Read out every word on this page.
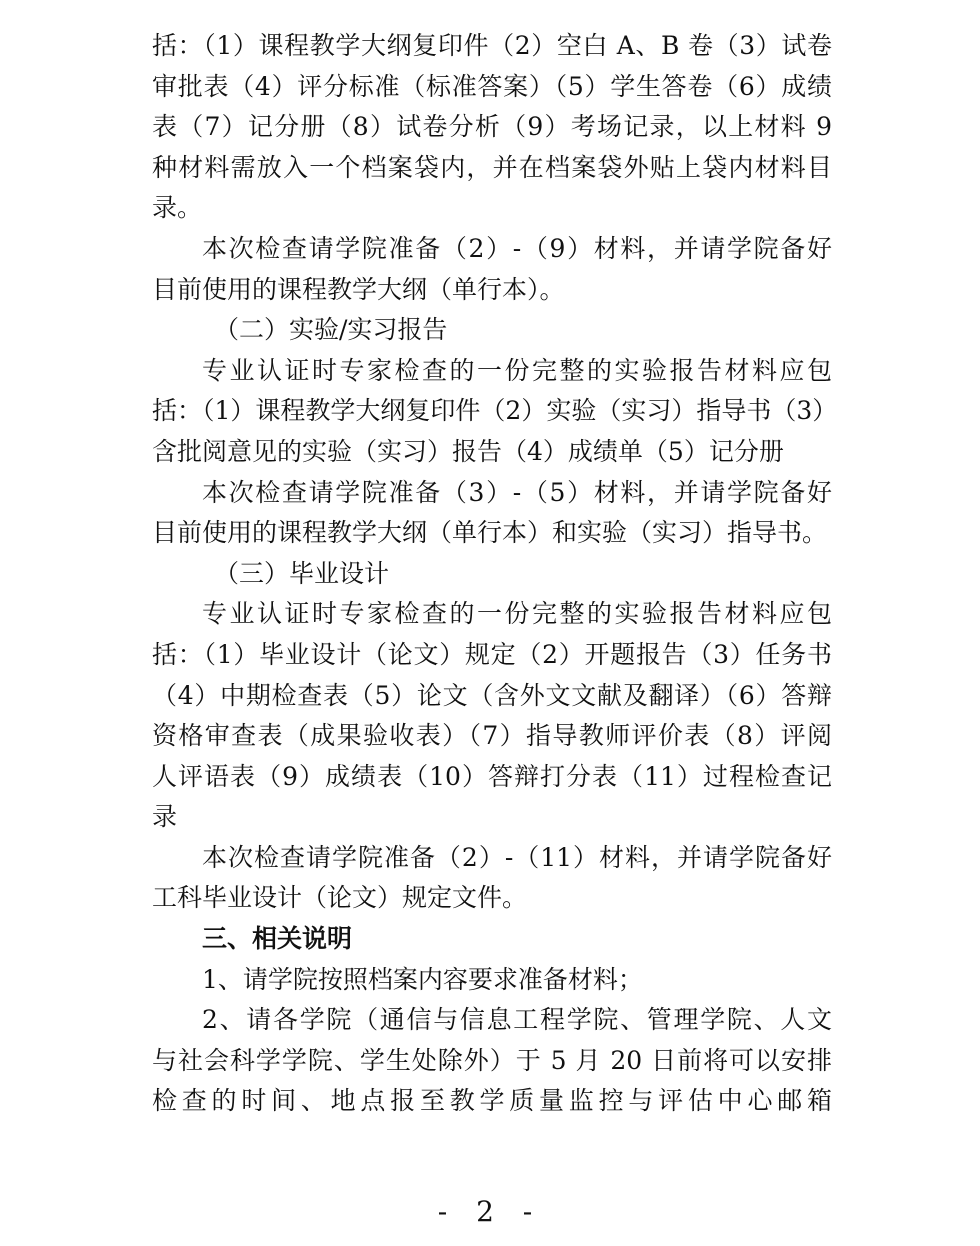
括：（1）课程教学大纲复印件（2）空白 A、B 卷（3）试卷
审批表（4）评分标准（标准答案）（5）学生答卷（6）成绩
表（7）记分册（8）试卷分析（9）考场记录，以上材料 9
种材料需放入一个档案袋内，并在档案袋外贴上袋内材料目
录。
本次检查请学院准备（2）-（9）材料，并请学院备好
目前使用的课程教学大纲（单行本）。
（二）实验/实习报告
专业认证时专家检查的一份完整的实验报告材料应包
括：（1）课程教学大纲复印件（2）实验（实习）指导书（3）
含批阅意见的实验（实习）报告（4）成绩单（5）记分册
本次检查请学院准备（3）-（5）材料，并请学院备好
目前使用的课程教学大纲（单行本）和实验（实习）指导书。
（三）毕业设计
专业认证时专家检查的一份完整的实验报告材料应包
括：（1）毕业设计（论文）规定（2）开题报告（3）任务书
（4）中期检查表（5）论文（含外文文献及翻译）（6）答辩
资格审查表（成果验收表）（7）指导教师评价表（8）评阅
人评语表（9）成绩表（10）答辩打分表（11）过程检查记
录
本次检查请学院准备（2）-（11）材料，并请学院备好
工科毕业设计（论文）规定文件。
三、相关说明
1、请学院按照档案内容要求准备材料；
2、请各学院（通信与信息工程学院、管理学院、人文
与社会科学学院、学生处除外）于 5 月 20 日前将可以安排
检查的时间、地点报至教学质量监控与评估中心邮箱
- 2 -
